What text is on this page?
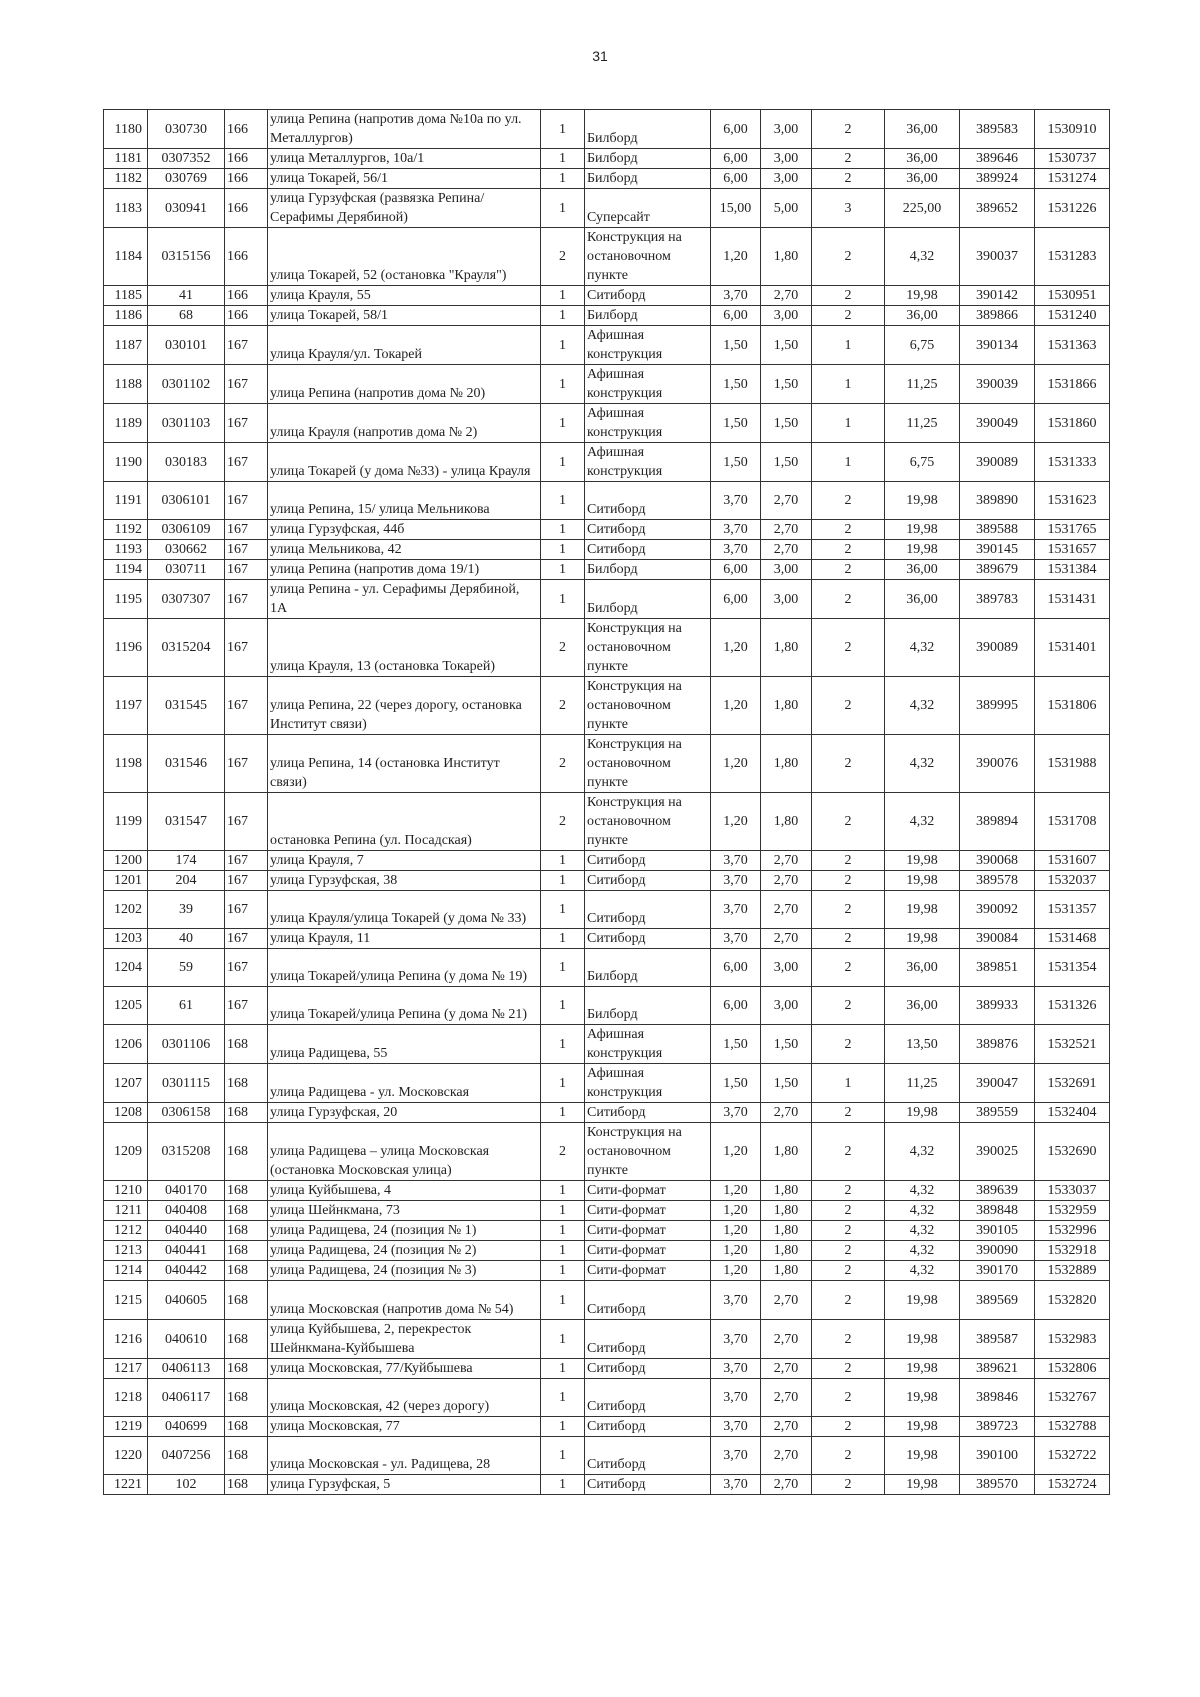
31
1180	030730	166	улица Репина (напротив дома №10а по ул. Металлургов)	1	Билборд	6,00	3,00	2	36,00	389583	1530910
1181	0307352	166	улица Металлургов, 10а/1	1	Билборд	6,00	3,00	2	36,00	389646	1530737
1182	030769	166	улица Токарей, 56/1	1	Билборд	6,00	3,00	2	36,00	389924	1531274
1183	030941	166	улица Гурзуфская (развязка Репина/Серафимы Дерябиной)	1	Суперсайт	15,00	5,00	3	225,00	389652	1531226
1184	0315156	166	улица Токарей, 52 (остановка "Крауля")	2	Конструкция на остановочном пункте	1,20	1,80	2	4,32	390037	1531283
1185	41	166	улица Крауля, 55	1	Ситиборд	3,70	2,70	2	19,98	390142	1530951
1186	68	166	улица Токарей, 58/1	1	Билборд	6,00	3,00	2	36,00	389866	1531240
1187	030101	167	улица Крауля/ул. Токарей	1	Афишная конструкция	1,50	1,50	1	6,75	390134	1531363
1188	0301102	167	улица Репина (напротив дома № 20)	1	Афишная конструкция	1,50	1,50	1	11,25	390039	1531866
1189	0301103	167	улица Крауля (напротив дома № 2)	1	Афишная конструкция	1,50	1,50	1	11,25	390049	1531860
1190	030183	167	улица Токарей (у дома №33) - улица Крауля	1	Афишная конструкция	1,50	1,50	1	6,75	390089	1531333
1191	0306101	167	улица Репина, 15/ улица Мельникова	1	Ситиборд	3,70	2,70	2	19,98	389890	1531623
1192	0306109	167	улица Гурзуфская, 44б	1	Ситиборд	3,70	2,70	2	19,98	389588	1531765
1193	030662	167	улица Мельникова, 42	1	Ситиборд	3,70	2,70	2	19,98	390145	1531657
1194	030711	167	улица Репина (напротив дома 19/1)	1	Билборд	6,00	3,00	2	36,00	389679	1531384
1195	0307307	167	улица Репина - ул. Серафимы Дерябиной, 1А	1	Билборд	6,00	3,00	2	36,00	389783	1531431
1196	0315204	167	улица Крауля, 13 (остановка Токарей)	2	Конструкция на остановочном пункте	1,20	1,80	2	4,32	390089	1531401
1197	031545	167	улица Репина, 22 (через дорогу, остановка Институт связи)	2	Конструкция на остановочном пункте	1,20	1,80	2	4,32	389995	1531806
1198	031546	167	улица Репина, 14 (остановка Институт связи)	2	Конструкция на остановочном пункте	1,20	1,80	2	4,32	390076	1531988
1199	031547	167	остановка Репина (ул. Посадская)	2	Конструкция на остановочном пункте	1,20	1,80	2	4,32	389894	1531708
1200	174	167	улица Крауля, 7	1	Ситиборд	3,70	2,70	2	19,98	390068	1531607
1201	204	167	улица Гурзуфская, 38	1	Ситиборд	3,70	2,70	2	19,98	389578	1532037
1202	39	167	улица Крауля/улица Токарей (у дома № 33)	1	Ситиборд	3,70	2,70	2	19,98	390092	1531357
1203	40	167	улица Крауля, 11	1	Ситиборд	3,70	2,70	2	19,98	390084	1531468
1204	59	167	улица Токарей/улица Репина (у дома № 19)	1	Билборд	6,00	3,00	2	36,00	389851	1531354
1205	61	167	улица Токарей/улица Репина (у дома № 21)	1	Билборд	6,00	3,00	2	36,00	389933	1531326
1206	0301106	168	улица Радищева, 55	1	Афишная конструкция	1,50	1,50	2	13,50	389876	1532521
1207	0301115	168	улица Радищева - ул. Московская	1	Афишная конструкция	1,50	1,50	1	11,25	390047	1532691
1208	0306158	168	улица Гурзуфская, 20	1	Ситиборд	3,70	2,70	2	19,98	389559	1532404
1209	0315208	168	улица Радищева – улица Московская (остановка Московская улица)	2	Конструкция на остановочном пункте	1,20	1,80	2	4,32	390025	1532690
1210	040170	168	улица Куйбышева, 4	1	Сити-формат	1,20	1,80	2	4,32	389639	1533037
1211	040408	168	улица Шейнкмана, 73	1	Сити-формат	1,20	1,80	2	4,32	389848	1532959
1212	040440	168	улица Радищева, 24 (позиция № 1)	1	Сити-формат	1,20	1,80	2	4,32	390105	1532996
1213	040441	168	улица Радищева, 24 (позиция № 2)	1	Сити-формат	1,20	1,80	2	4,32	390090	1532918
1214	040442	168	улица Радищева, 24 (позиция № 3)	1	Сити-формат	1,20	1,80	2	4,32	390170	1532889
1215	040605	168	улица Московская (напротив дома № 54)	1	Ситиборд	3,70	2,70	2	19,98	389569	1532820
1216	040610	168	улица Куйбышева, 2, перекресток Шейнкмана-Куйбышева	1	Ситиборд	3,70	2,70	2	19,98	389587	1532983
1217	0406113	168	улица Московская, 77/Куйбышева	1	Ситиборд	3,70	2,70	2	19,98	389621	1532806
1218	0406117	168	улица Московская, 42 (через дорогу)	1	Ситиборд	3,70	2,70	2	19,98	389846	1532767
1219	040699	168	улица Московская, 77	1	Ситиборд	3,70	2,70	2	19,98	389723	1532788
1220	0407256	168	улица Московская - ул. Радищева, 28	1	Ситиборд	3,70	2,70	2	19,98	390100	1532722
1221	102	168	улица Гурзуфская, 5	1	Ситиборд	3,70	2,70	2	19,98	389570	1532724
